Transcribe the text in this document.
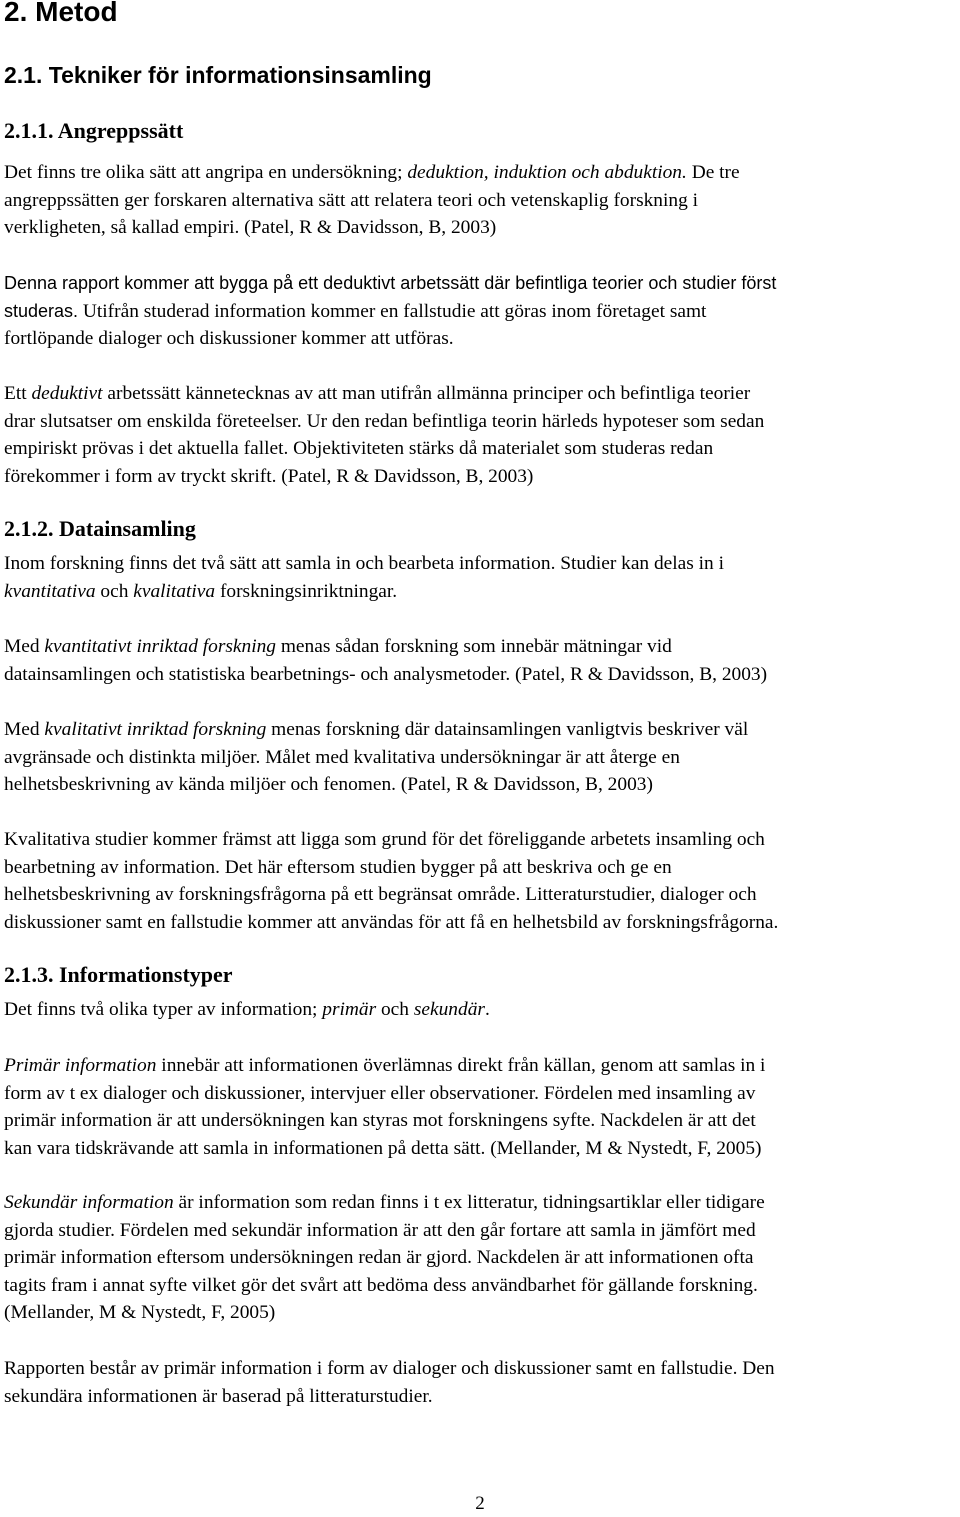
2. Metod
2.1. Tekniker för informationsinsamling
2.1.1. Angreppssätt
Det finns tre olika sätt att angripa en undersökning; deduktion, induktion och abduktion. De tre
angreppssätten ger forskaren alternativa sätt att relatera teori och vetenskaplig forskning i
verkligheten, så kallad empiri. (Patel, R & Davidsson, B, 2003)
Denna rapport kommer att bygga på ett deduktivt arbetssätt där befintliga teorier och studier först
studeras. Utifrån studerad information kommer en fallstudie att göras inom företaget samt
fortlöpande dialoger och diskussioner kommer att utföras.
Ett deduktivt arbetssätt kännetecknas av att man utifrån allmänna principer och befintliga teorier
drar slutsatser om enskilda företeelser. Ur den redan befintliga teorin härleds hypoteser som sedan
empiriskt prövas i det aktuella fallet. Objektiviteten stärks då materialet som studeras redan
förekommer i form av tryckt skrift. (Patel, R & Davidsson, B, 2003)
2.1.2. Datainsamling
Inom forskning finns det två sätt att samla in och bearbeta information. Studier kan delas in i
kvantitativa och kvalitativa forskningsinriktningar.
Med kvantitativt inriktad forskning menas sådan forskning som innebär mätningar vid
datainsamlingen och statistiska bearbetnings- och analysmetoder. (Patel, R & Davidsson, B, 2003)
Med kvalitativt inriktad forskning menas forskning där datainsamlingen vanligtvis beskriver väl
avgränsade och distinkta miljöer. Målet med kvalitativa undersökningar är att återge en
helhetsbeskrivning av kända miljöer och fenomen. (Patel, R & Davidsson, B, 2003)
Kvalitativa studier kommer främst att ligga som grund för det föreliggande arbetets insamling och
bearbetning av information. Det här eftersom studien bygger på att beskriva och ge en
helhetsbeskrivning av forskningsfrågorna på ett begränsat område. Litteraturstudier, dialoger och
diskussioner samt en fallstudie kommer att användas för att få en helhetsbild av forskningsfrågorna.
2.1.3. Informationstyper
Det finns två olika typer av information; primär och sekundär.
Primär information innebär att informationen överlämnas direkt från källan, genom att samlas in i
form av t ex dialoger och diskussioner, intervjuer eller observationer. Fördelen med insamling av
primär information är att undersökningen kan styras mot forskningens syfte. Nackdelen är att det
kan vara tidskrävande att samla in informationen på detta sätt. (Mellander, M & Nystedt, F, 2005)
Sekundär information är information som redan finns i t ex litteratur, tidningsartiklar eller tidigare
gjorda studier. Fördelen med sekundär information är att den går fortare att samla in jämfört med
primär information eftersom undersökningen redan är gjord. Nackdelen är att informationen ofta
tagits fram i annat syfte vilket gör det svårt att bedöma dess användbarhet för gällande forskning.
(Mellander, M & Nystedt, F, 2005)
Rapporten består av primär information i form av dialoger och diskussioner samt en fallstudie. Den
sekundära informationen är baserad på litteraturstudier.
2
